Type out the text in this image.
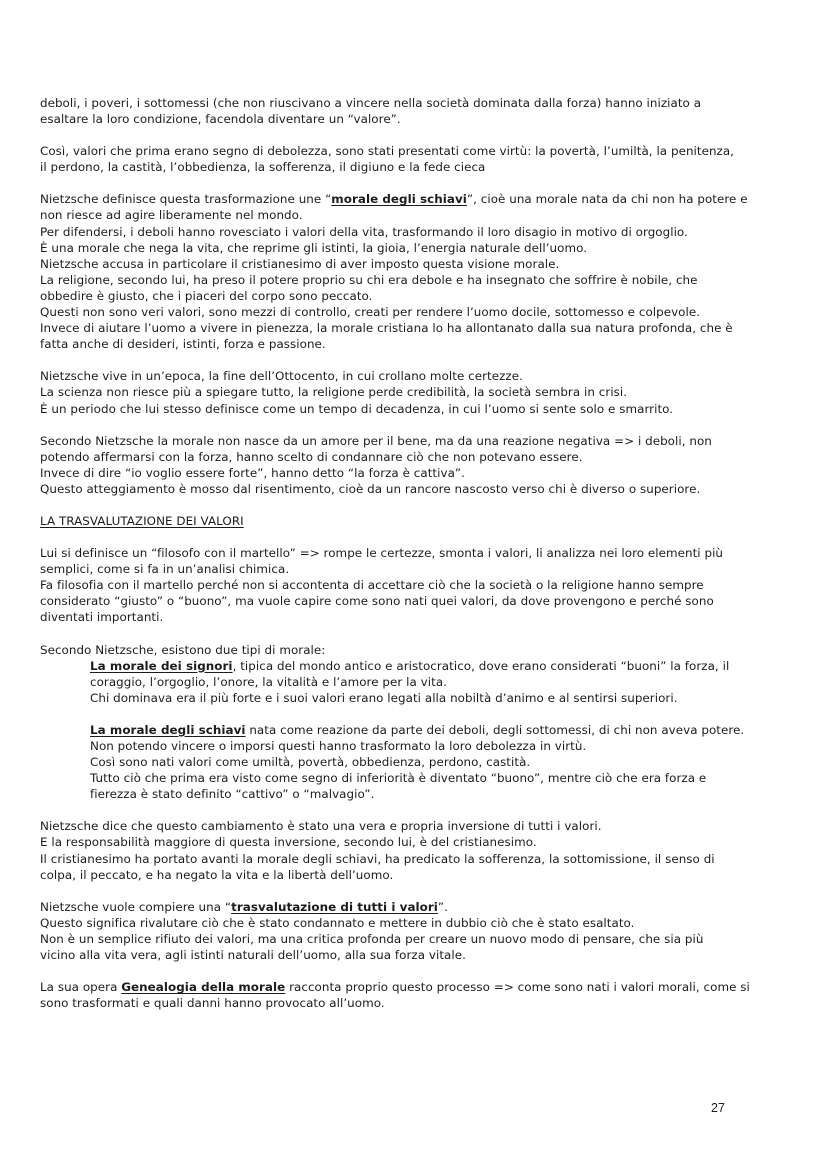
deboli, i poveri, i sottomessi (che non riuscivano a vincere nella società dominata dalla forza) hanno iniziato a

esaltare la loro condizione, facendola diventare un “valore”.

Così, valori che prima erano segno di debolezza, sono stati presentati come virtù: la povertà, l’umiltà, la penitenza,

il perdono, la castità, l’obbedienza, la sofferenza, il digiuno e la fede cieca

Nietzsche definisce questa trasformazione une “morale degli schiavi”, cioè una morale nata da chi non ha potere e

non riesce ad agire liberamente nel mondo.

Per difendersi, i deboli hanno rovesciato i valori della vita, trasformando il loro disagio in motivo di orgoglio.

È una morale che nega la vita, che reprime gli istinti, la gioia, l’energia naturale dell’uomo.

Nietzsche accusa in particolare il cristianesimo di aver imposto questa visione morale.

La religione, secondo lui, ha preso il potere proprio su chi era debole e ha insegnato che soffrire è nobile, che

obbedire è giusto, che i piaceri del corpo sono peccato.

Questi non sono veri valori, sono mezzi di controllo, creati per rendere l’uomo docile, sottomesso e colpevole.

Invece di aiutare l’uomo a vivere in pienezza, la morale cristiana lo ha allontanato dalla sua natura profonda, che è

fatta anche di desideri, istinti, forza e passione.

Nietzsche vive in un’epoca, la fine dell’Ottocento, in cui crollano molte certezze.

La scienza non riesce più a spiegare tutto, la religione perde credibilità, la società sembra in crisi.

È un periodo che lui stesso definisce come un tempo di decadenza, in cui l’uomo si sente solo e smarrito.

Secondo Nietzsche la morale non nasce da un amore per il bene, ma da una reazione negativa => i deboli, non

potendo affermarsi con la forza, hanno scelto di condannare ciò che non potevano essere.

Invece di dire “io voglio essere forte”, hanno detto “la forza è cattiva”.

Questo atteggiamento è mosso dal risentimento, cioè da un rancore nascosto verso chi è diverso o superiore.

LA TRASVALUTAZIONE DEI VALORI

Lui si definisce un “filosofo con il martello” => rompe le certezze, smonta i valori, li analizza nei loro elementi più

semplici, come si fa in un’analisi chimica.

Fa filosofia con il martello perché non si accontenta di accettare ciò che la società o la religione hanno sempre

considerato “giusto” o “buono”, ma vuole capire come sono nati quei valori, da dove provengono e perché sono

diventati importanti.

Secondo Nietzsche, esistono due tipi di morale:

La morale dei signori, tipica del mondo antico e aristocratico, dove erano considerati “buoni” la forza, il

coraggio, l’orgoglio, l’onore, la vitalità e l’amore per la vita.

Chi dominava era il più forte e i suoi valori erano legati alla nobiltà d’animo e al sentirsi superiori.

La morale degli schiavi nata come reazione da parte dei deboli, degli sottomessi, di chi non aveva potere.

Non potendo vincere o imporsi questi hanno trasformato la loro debolezza in virtù.

Così sono nati valori come umiltà, povertà, obbedienza, perdono, castità.

Tutto ciò che prima era visto come segno di inferiorità è diventato “buono”, mentre ciò che era forza e

fierezza è stato definito “cattivo” o “malvagio”.

Nietzsche dice che questo cambiamento è stato una vera e propria inversione di tutti i valori.

E la responsabilità maggiore di questa inversione, secondo lui, è del cristianesimo.

Il cristianesimo ha portato avanti la morale degli schiavi, ha predicato la sofferenza, la sottomissione, il senso di

colpa, il peccato, e ha negato la vita e la libertà dell’uomo.

Nietzsche vuole compiere una “trasvalutazione di tutti i valori”.

Questo significa rivalutare ciò che è stato condannato e mettere in dubbio ciò che è stato esaltato.

Non è un semplice rifiuto dei valori, ma una critica profonda per creare un nuovo modo di pensare, che sia più

vicino alla vita vera, agli istinti naturali dell’uomo, alla sua forza vitale.

La sua opera Genealogia della morale racconta proprio questo processo => come sono nati i valori morali, come si

sono trasformati e quali danni hanno provocato all’uomo.

27
